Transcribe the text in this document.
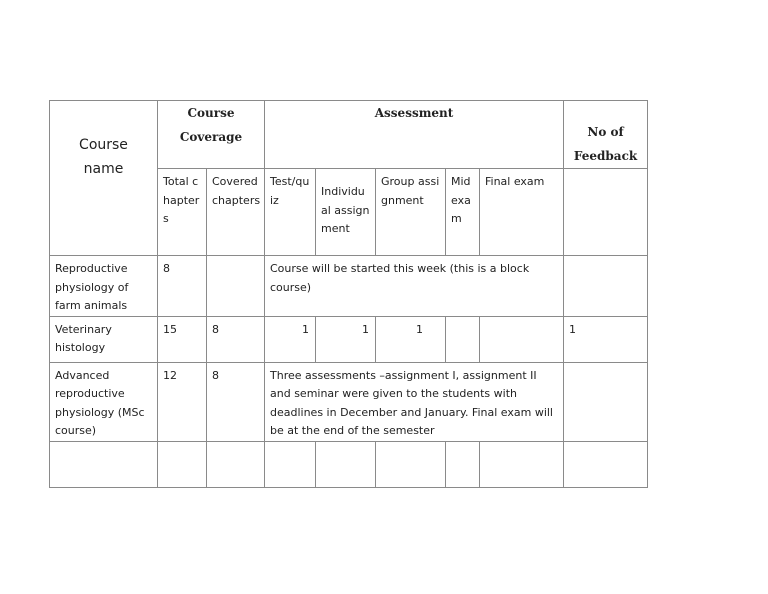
Course name	Course Coverage		Assessment					No of Feedback

	Total chapters	Covered chapters	Test/quiz	Individual assignment	Group assignment	Mid exam	Final exam	

Reproductive physiology of farm animals	8		Course will be started this week (this is a block course)					

Veterinary histology	15	8	1	1	1			1

Advanced reproductive physiology (MSc course)	12	8	Three assessments –assignment I, assignment II and seminar were given to the students with deadlines in December and January. Final exam will be at the end of the semester					
